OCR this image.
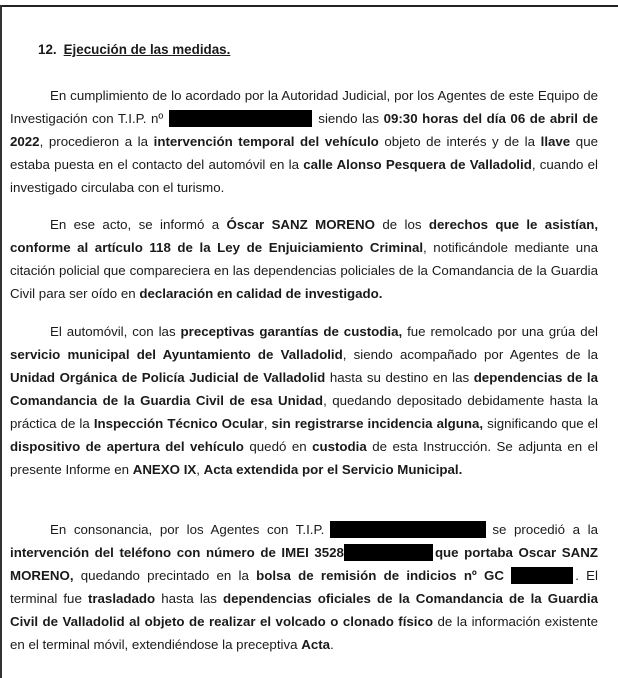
12. Ejecución de las medidas.

En cumplimiento de lo acordado por la Autoridad Judicial, por los Agentes de este Equipo de Investigación con T.I.P. nº	siendo las 09:30 horas del día 06 de abril de 2022, procedieron a la intervención temporal del vehículo objeto de interés y de la llave que estaba puesta en el contacto del automóvil en la calle Alonso Pesquera de Valladolid, cuando el investigado circulaba con el turismo.

En ese acto, se informó a Óscar SANZ MORENO de los derechos que le asistían, conforme al artículo 118 de la Ley de Enjuiciamiento Criminal, notificándole mediante una citación policial que compareciera en las dependencias policiales de la Comandancia de la Guardia Civil para ser oído en declaración en calidad de investigado.

El automóvil, con las preceptivas garantías de custodia, fue remolcado por una grúa del servicio municipal del Ayuntamiento de Valladolid, siendo acompañado por Agentes de la Unidad Orgánica de Policía Judicial de Valladolid hasta su destino en las dependencias de la Comandancia de la Guardia Civil de esa Unidad, quedando depositado debidamente hasta la práctica de la Inspección Técnico Ocular, sin registrarse incidencia alguna, significando que el dispositivo de apertura del vehículo quedó en custodia de esta Instrucción. Se adjunta en el presente Informe en ANEXO IX, Acta extendida por el Servicio Municipal.

En consonancia, por los Agentes con T.I.P.	se procedió a la intervención del teléfono con número de IMEI 3528	que portaba Oscar SANZ MORENO, quedando precintado en la bolsa de remisión de indicios nº GC	. El terminal fue trasladado hasta las dependencias oficiales de la Comandancia de la Guardia Civil de Valladolid al objeto de realizar el volcado o clonado físico de la información existente en el terminal móvil, extendiéndose la preceptiva Acta.
